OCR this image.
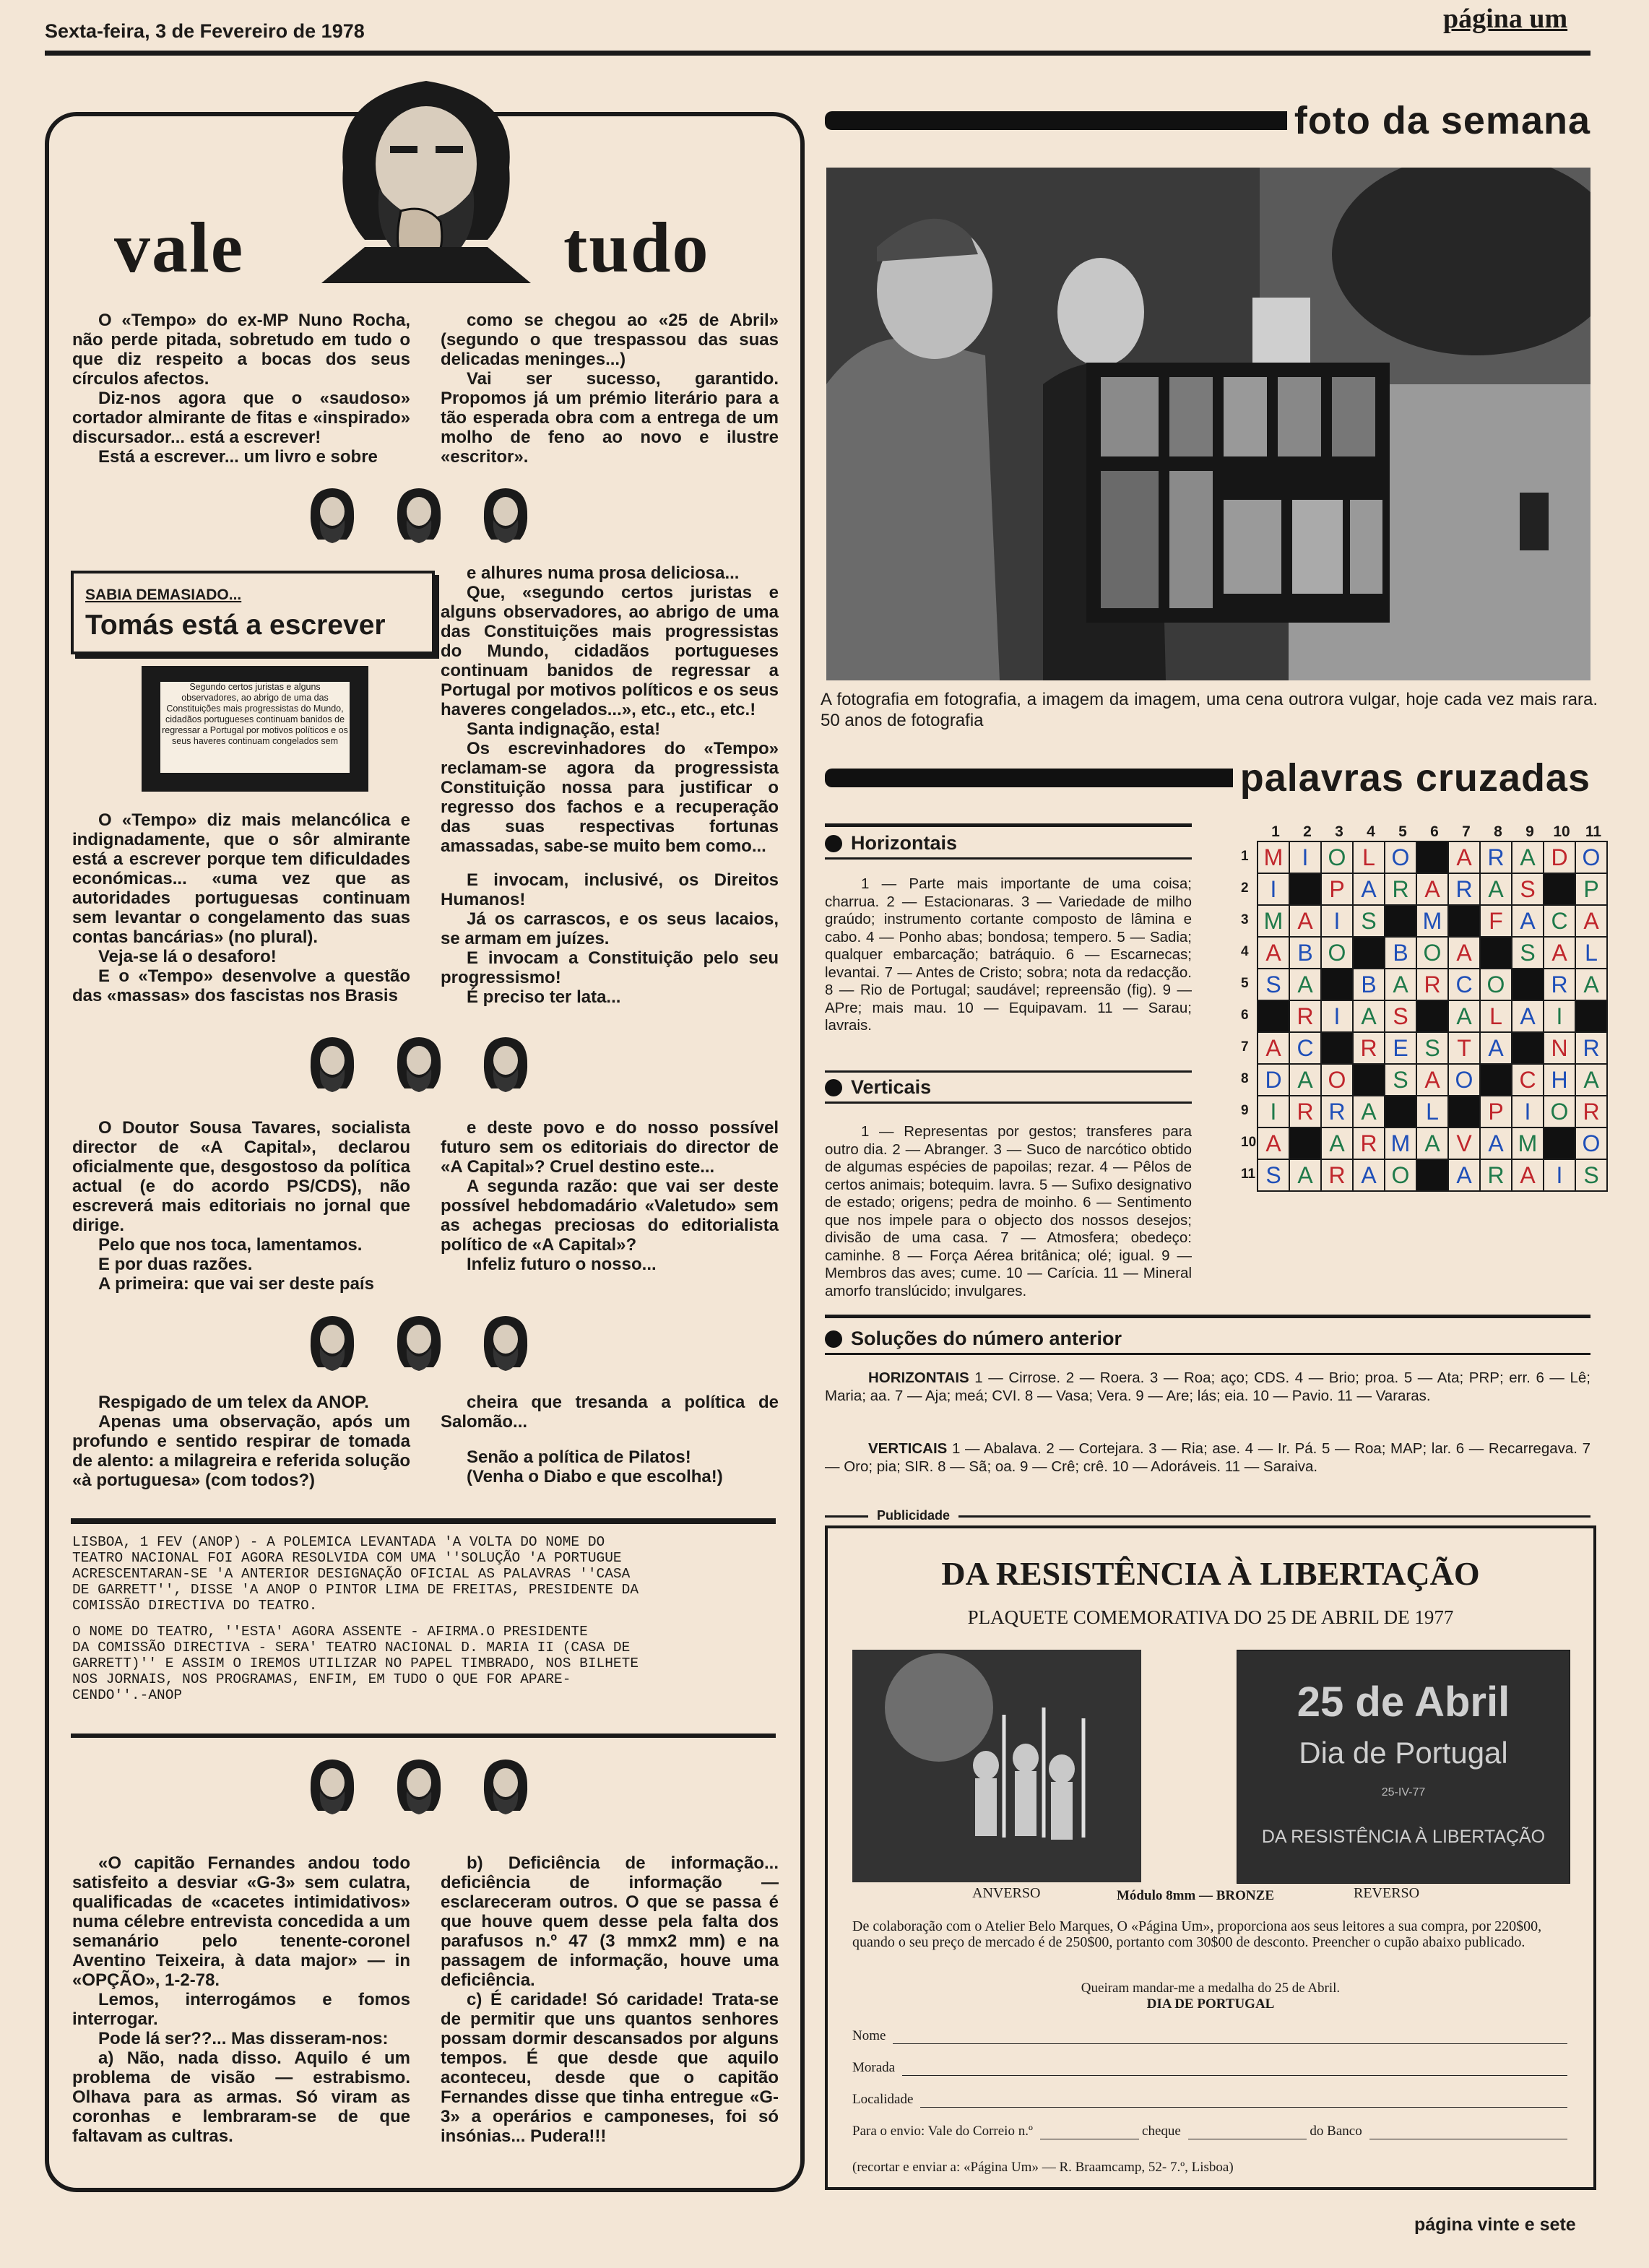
Sexta-feira, 3 de Fevereiro de 1978	página um
vale	tudo

O «Tempo» do ex-MP Nuno Rocha, não perde pitada, sobretudo em tudo o que diz respeito a bocas dos seus círculos afectos.

Diz-nos agora que o «saudoso» cortador almirante de fitas e «inspirado» discursador... está a escrever!

Está a escrever... um livro e sobre

como se chegou ao «25 de Abril» (segundo o que trespassou das suas delicadas meninges...)

Vai ser sucesso, garantido. Propomos já um prémio literário para a tão esperada obra com a entrega de um molho de feno ao novo e ilustre «escritor».

SABIA DEMASIADO...
Tomás está a escrever
Segundo certos juristas e alguns observadores, ao abrigo de uma das Constituições mais progressistas do Mundo, cidadãos portugueses continuam banidos de regressar a Portugal por motivos políticos e os seus haveres continuam congelados sem

O «Tempo» diz mais melancólica e indignadamente, que o sôr almirante está a escrever porque tem dificuldades económicas... «uma vez que as autoridades portuguesas continuam sem levantar o congelamento das suas contas bancárias» (no plural).

Veja-se lá o desaforo!

E o «Tempo» desenvolve a questão das «massas» dos fascistas nos Brasis

e alhures numa prosa deliciosa...

Que, «segundo certos juristas e alguns observadores, ao abrigo de uma das Constituições mais progressistas do Mundo, cidadãos portugueses continuam banidos de regressar a Portugal por motivos políticos e os seus haveres congelados...», etc., etc., etc.!

Santa indignação, esta!

Os escrevinhadores do «Tempo» reclamam-se agora da progressista Constituição nossa para justificar o regresso dos fachos e a recuperação das suas respectivas fortunas amassadas, sabe-se muito bem como...

E invocam, inclusivé, os Direitos Humanos!

Já os carrascos, e os seus lacaios, se armam em juízes.

E invocam a Constituição pelo seu progressismo!

É preciso ter lata...

O Doutor Sousa Tavares, socialista director de «A Capital», declarou oficialmente que, desgostoso da política actual (e do acordo PS/CDS), não escreverá mais editoriais no jornal que dirige.

Pelo que nos toca, lamentamos.

E por duas razões.

A primeira: que vai ser deste país

e deste povo e do nosso possível futuro sem os editoriais do director de «A Capital»? Cruel destino este...

A segunda razão: que vai ser deste possível hebdomadário «Valetudo» sem as achegas preciosas do editorialista político de «A Capital»?

Infeliz futuro o nosso...

Respigado de um telex da ANOP.

Apenas uma observação, após um profundo e sentido respirar de tomada de alento: a milagreira e referida solução «à portuguesa» (com todos?)

cheira que tresanda a política de Salomão...

Senão a política de Pilatos!

(Venha o Diabo e que escolha!)

LISBOA, 1 FEV (ANOP) - A POLEMICA LEVANTADA 'A VOLTA DO NOME DO
TEATRO NACIONAL FOI AGORA RESOLVIDA COM UMA ''SOLUÇÃO 'A PORTUGUE
ACRESCENTARAN-SE 'A ANTERIOR DESIGNAÇÃO OFICIAL AS PALAVRAS ''CASA
DE GARRETT'', DISSE 'A ANOP O PINTOR LIMA DE FREITAS, PRESIDENTE DA
COMISSÃO DIRECTIVA DO TEATRO.
O NOME DO TEATRO, ''ESTA' AGORA ASSENTE - AFIRMA.O PRESIDENTE
DA COMISSÃO DIRECTIVA - SERA' TEATRO NACIONAL D. MARIA II (CASA DE
GARRETT)'' E ASSIM O IREMOS UTILIZAR NO PAPEL TIMBRADO, NOS BILHETE
NOS JORNAIS, NOS PROGRAMAS, ENFIM, EM TUDO O QUE FOR APARE-
CENDO''.-ANOP

«O capitão Fernandes andou todo satisfeito a desviar «G-3» sem culatra, qualificadas de «cacetes intimidativos» numa célebre entrevista concedida a um semanário pelo tenente-coronel Aventino Teixeira, à data major» — in «OPÇÃO», 1-2-78.

Lemos, interrogámos e fomos interrogar.

Pode lá ser??... Mas disseram-nos:

a) Não, nada disso. Aquilo é um problema de visão — estrabismo. Olhava para as armas. Só viram as coronhas e lembraram-se de que faltavam as cultras.

b) Deficiência de informação... deficiência de informação — esclareceram outros. O que se passa é que houve quem desse pela falta dos parafusos n.º 47 (3 mmx2 mm) e na passagem de informação, houve uma deficiência.

c) É caridade! Só caridade! Trata-se de permitir que uns quantos senhores possam dormir descansados por alguns tempos. É que desde que aquilo aconteceu, desde que o capitão Fernandes disse que tinha entregue «G-3» a operários e camponeses, foi só insónias... Pudera!!!

foto da semana
A fotografia em fotografia, a imagem da imagem, uma cena outrora vulgar, hoje cada vez mais rara. 50 anos de fotografia
palavras cruzadas
Horizontais
1 — Parte mais importante de uma coisa; charrua. 2 — Estacionaras. 3 — Variedade de milho graúdo; instrumento cortante composto de lâmina e cabo. 4 — Ponho abas; bondosa; tempero. 5 — Sadia; qualquer embarcação; batráquio. 6 — Escarnecas; levantai. 7 — Antes de Cristo; sobra; nota da redacção. 8 — Rio de Portugal; saudável; repreensão (fig). 9 — APre; mais mau. 10 — Equipavam. 11 — Sarau; lavrais.
Verticais
1 — Representas por gestos; transferes para outro dia. 2 — Abranger. 3 — Suco de narcótico obtido de algumas espécies de papoilas; rezar. 4 — Pêlos de certos animais; botequim. lavra. 5 — Sufixo designativo de estado; origens; pedra de moinho. 6 — Sentimento que nos impele para o objecto dos nossos desejos; divisão de uma casa. 7 — Atmosfera; obedeço: caminhe. 8 — Força Aérea britânica; olé; igual. 9 — Membros das aves; cume. 10 — Carícia. 11 — Mineral amorfo translúcido; invulgares.
1	2	3	4	5	6	7	8	9	10	11
1
2
3
4
5
6
7
8
9
10
11
M	I	O	L	O		A	R	A	D	O
I		P	A	R	A	R	A	S		P
M	A	I	S		M		F	A	C	A
A	B	O		B	O	A		S	A	L
S	A		B	A	R	C	O		R	A
	R	I	A	S		A	L	A	I	
A	C		R	E	S	T	A		N	R
D	A	O		S	A	O		C	H	A
I	R	R	A		L		P	I	O	R
A		A	R	M	A	V	A	M		O
S	A	R	A	O		A	R	A	I	S
Soluções do número anterior
HORIZONTAIS 1 — Cirrose. 2 — Roera. 3 — Roa; aço; CDS. 4 — Brio; proa. 5 — Ata; PRP; err. 6 — Lê; Maria; aa. 7 — Aja; meá; CVI. 8 — Vasa; Vera. 9 — Are; lás; eia. 10 — Pavio. 11 — Vararas.
VERTICAIS 1 — Abalava. 2 — Cortejara. 3 — Ria; ase. 4 — Ir. Pá. 5 — Roa; MAP; lar. 6 — Recarregava. 7 — Oro; pia; SIR. 8 — Sã; oa. 9 — Crê; crê. 10 — Adoráveis. 11 — Saraiva.
Publicidade
DA RESISTÊNCIA À LIBERTAÇÃO
PLAQUETE COMEMORATIVA DO 25 DE ABRIL DE 1977
25 de Abril
Dia de Portugal
25-IV-77
DA RESISTÊNCIA À LIBERTAÇÃO
ANVERSO	Módulo 8mm — BRONZE	REVERSO
De colaboração com o Atelier Belo Marques, O «Página Um», proporciona aos seus leitores a sua compra, por 220$00, quando o seu preço de mercado é de 250$00, portanto com 30$00 de desconto. Preencher o cupão abaixo publicado.
Queiram mandar-me a medalha do 25 de Abril.
DIA DE PORTUGAL
Nome
Morada
Localidade
Para o envio: Vale do Correio n.º	cheque	do Banco
(recortar e enviar a: «Página Um» — R. Braamcamp, 52- 7.º, Lisboa)
página vinte e sete
